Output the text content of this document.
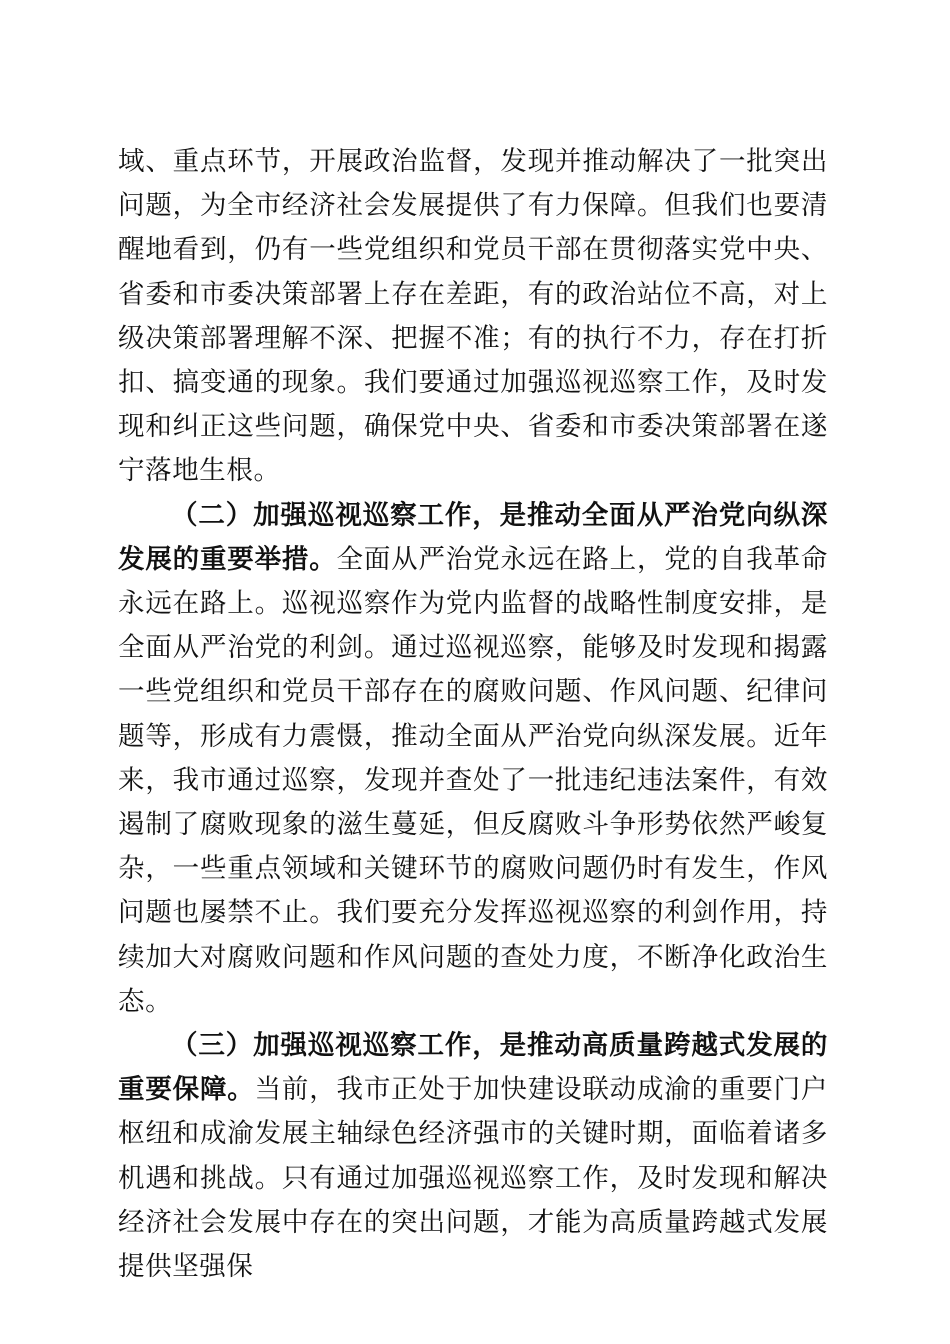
域、重点环节，开展政治监督，发现并推动解决了一批突出问题，为全市经济社会发展提供了有力保障。但我们也要清醒地看到，仍有一些党组织和党员干部在贯彻落实党中央、省委和市委决策部署上存在差距，有的政治站位不高，对上级决策部署理解不深、把握不准；有的执行不力，存在打折扣、搞变通的现象。我们要通过加强巡视巡察工作，及时发现和纠正这些问题，确保党中央、省委和市委决策部署在遂宁落地生根。

（二）加强巡视巡察工作，是推动全面从严治党向纵深发展的重要举措。全面从严治党永远在路上，党的自我革命永远在路上。巡视巡察作为党内监督的战略性制度安排，是全面从严治党的利剑。通过巡视巡察，能够及时发现和揭露一些党组织和党员干部存在的腐败问题、作风问题、纪律问题等，形成有力震慑，推动全面从严治党向纵深发展。近年来，我市通过巡察，发现并查处了一批违纪违法案件，有效遏制了腐败现象的滋生蔓延，但反腐败斗争形势依然严峻复杂，一些重点领域和关键环节的腐败问题仍时有发生，作风问题也屡禁不止。我们要充分发挥巡视巡察的利剑作用，持续加大对腐败问题和作风问题的查处力度，不断净化政治生态。

（三）加强巡视巡察工作，是推动高质量跨越式发展的重要保障。当前，我市正处于加快建设联动成渝的重要门户枢纽和成渝发展主轴绿色经济强市的关键时期，面临着诸多机遇和挑战。只有通过加强巡视巡察工作，及时发现和解决经济社会发展中存在的突出问题，才能为高质量跨越式发展提供坚强保
